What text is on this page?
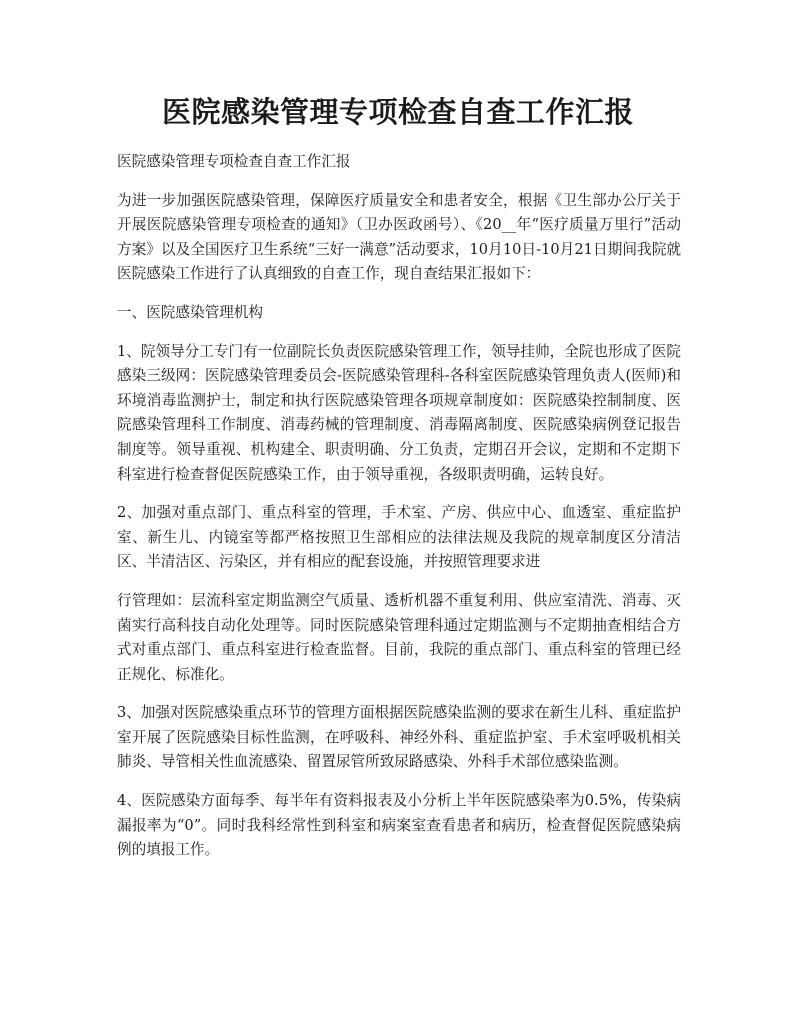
医院感染管理专项检查自查工作汇报

医院感染管理专项检查自查工作汇报

为进一步加强医院感染管理，保障医疗质量安全和患者安全，根据《卫生部办公厅关于开展医院感染管理专项检查的通知》（卫办医政函号）、《20__年“医疗质量万里行”活动方案》以及全国医疗卫生系统“三好一满意”活动要求，10月10日-10月21日期间我院就医院感染工作进行了认真细致的自查工作，现自查结果汇报如下：

一、医院感染管理机构

1、院领导分工专门有一位副院长负责医院感染管理工作，领导挂帅，全院也形成了医院感染三级网：医院感染管理委员会-医院感染管理科-各科室医院感染管理负责人(医师)和环境消毒监测护士，制定和执行医院感染管理各项规章制度如：医院感染控制制度、医院感染管理科工作制度、消毒药械的管理制度、消毒隔离制度、医院感染病例登记报告制度等。领导重视、机构建全、职责明确、分工负责，定期召开会议，定期和不定期下科室进行检查督促医院感染工作，由于领导重视，各级职责明确，运转良好。

2、加强对重点部门、重点科室的管理，手术室、产房、供应中心、血透室、重症监护室、新生儿、内镜室等都严格按照卫生部相应的法律法规及我院的规章制度区分清洁区、半清洁区、污染区，并有相应的配套设施，并按照管理要求进

行管理如：层流科室定期监测空气质量、透析机器不重复利用、供应室清洗、消毒、灭菌实行高科技自动化处理等。同时医院感染管理科通过定期监测与不定期抽查相结合方式对重点部门、重点科室进行检查监督。目前，我院的重点部门、重点科室的管理已经正规化、标准化。

3、加强对医院感染重点环节的管理方面根据医院感染监测的要求在新生儿科、重症监护室开展了医院感染目标性监测，在呼吸科、神经外科、重症监护室、手术室呼吸机相关肺炎、导管相关性血流感染、留置尿管所致尿路感染、外科手术部位感染监测。

4、医院感染方面每季、每半年有资料报表及小分析上半年医院感染率为0.5%，传染病漏报率为“0”。同时我科经常性到科室和病案室查看患者和病历，检查督促医院感染病例的填报工作。
